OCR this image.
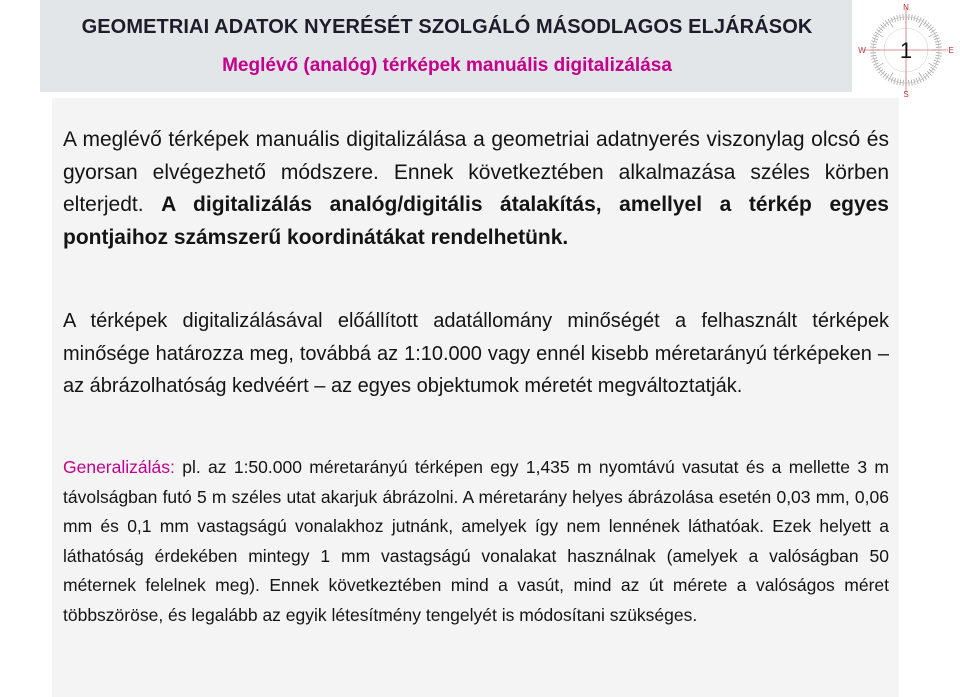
GEOMETRIAI ADATOK NYERÉSÉT SZOLGÁLÓ MÁSODLAGOS ELJÁRÁSOK
Meglévő (analóg) térképek manuális digitalizálása
N
S
E
W 1

A meglévő térképek manuális digitalizálása a geometriai adatnyerés viszonylag olcsó és gyorsan elvégezhető módszere. Ennek következtében alkalmazása széles körben elterjedt. A digitalizálás analóg/digitális átalakítás, amellyel a térkép egyes pontjaihoz számszerű koordinátákat rendelhetünk.

A térképek digitalizálásával előállított adatállomány minőségét a felhasznált térképek minősége határozza meg, továbbá az 1:10.000 vagy ennél kisebb méretarányú térképeken – az ábrázolhatóság kedvéért – az egyes objektumok méretét megváltoztatják.

Generalizálás: pl. az 1:50.000 méretarányú térképen egy 1,435 m nyomtávú vasutat és a mellette 3 m távolságban futó 5 m széles utat akarjuk ábrázolni. A méretarány helyes ábrázolása esetén 0,03 mm, 0,06 mm és 0,1 mm vastagságú vonalakhoz jutnánk, amelyek így nem lennének láthatóak. Ezek helyett a láthatóság érdekében mintegy 1 mm vastagságú vonalakat használnak (amelyek a valóságban 50 méternek felelnek meg). Ennek következtében mind a vasút, mind az út mérete a valóságos méret többszöröse, és legalább az egyik létesítmény tengelyét is módosítani szükséges.
